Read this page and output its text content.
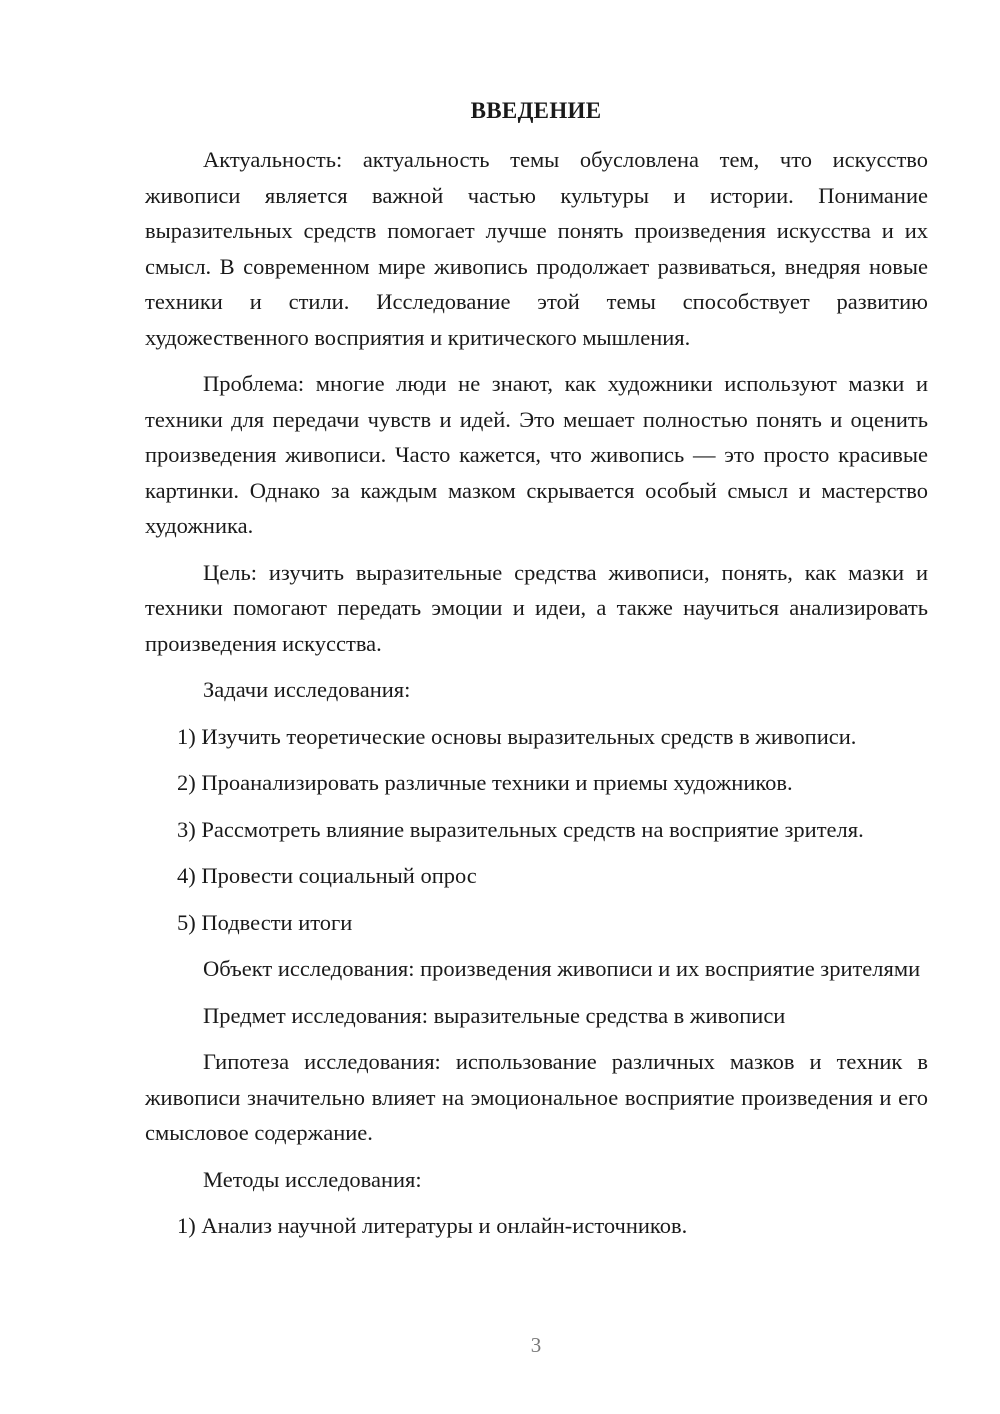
ВВЕДЕНИЕ

Актуальность: актуальность темы обусловлена тем, что искусство живописи является важной частью культуры и истории. Понимание выразительных средств помогает лучше понять произведения искусства и их смысл. В современном мире живопись продолжает развиваться, внедряя новые техники и стили. Исследование этой темы способствует развитию художественного восприятия и критического мышления.

Проблема: многие люди не знают, как художники используют мазки и техники для передачи чувств и идей. Это мешает полностью понять и оценить произведения живописи. Часто кажется, что живопись — это просто красивые картинки. Однако за каждым мазком скрывается особый смысл и мастерство художника.

Цель: изучить выразительные средства живописи, понять, как мазки и техники помогают передать эмоции и идеи, а также научиться анализировать произведения искусства.

Задачи исследования:

1) Изучить теоретические основы выразительных средств в живописи.

2) Проанализировать различные техники и приемы художников.

3) Рассмотреть влияние выразительных средств на восприятие зрителя.

4) Провести социальный опрос

5) Подвести итоги

Объект исследования: произведения живописи и их восприятие зрителями

Предмет исследования: выразительные средства в живописи

Гипотеза исследования: использование различных мазков и техник в живописи значительно влияет на эмоциональное восприятие произведения и его смысловое содержание.

Методы исследования:

1) Анализ научной литературы и онлайн-источников.

3
